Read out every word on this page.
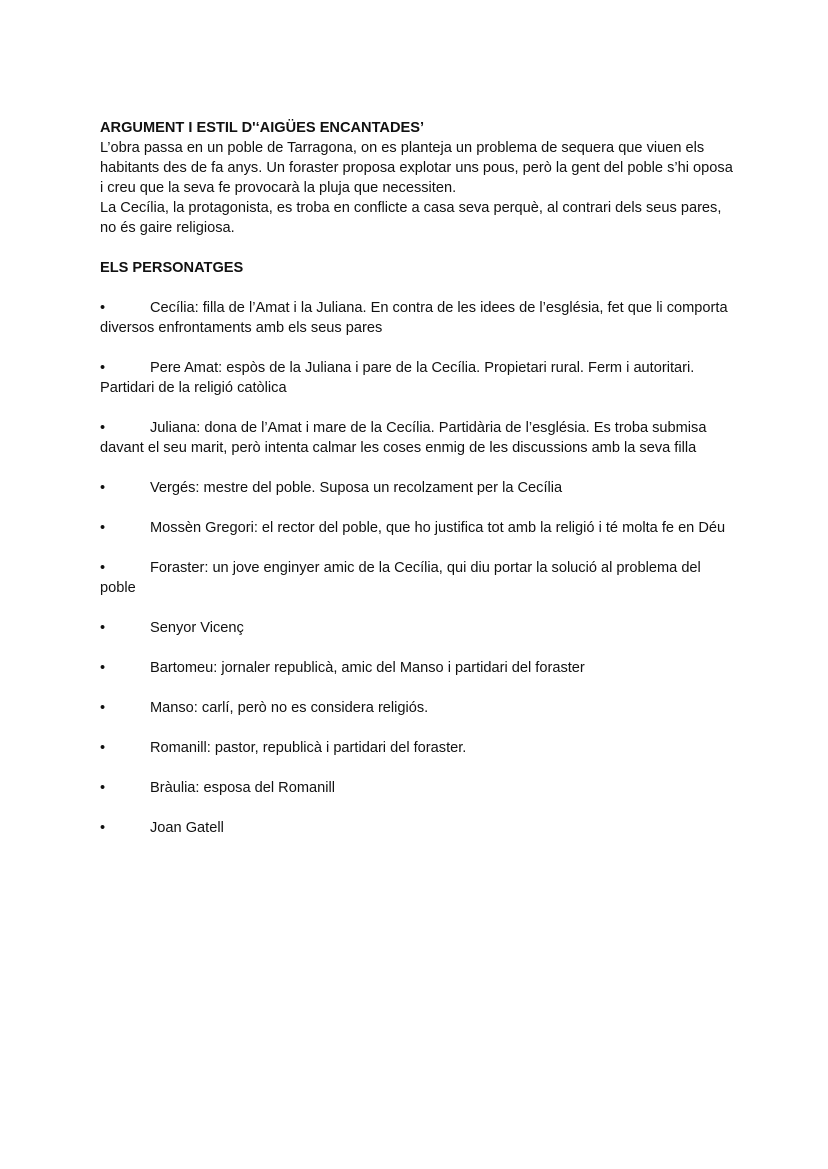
ARGUMENT I ESTIL D'‘AIGÜES ENCANTADES’

L’obra passa en un poble de Tarragona, on es planteja un problema de sequera que viuen els habitants des de fa anys. Un foraster proposa explotar uns pous, però la gent del poble s’hi oposa i creu que la seva fe provocarà la pluja que necessiten.

La Cecília, la protagonista, es troba en conflicte a casa seva perquè, al contrari dels seus pares, no és gaire religiosa.

ELS PERSONATGES

•	Cecília: filla de l’Amat i la Juliana. En contra de les idees de l’església, fet que li comporta diversos enfrontaments amb els seus pares

•	Pere Amat: espòs de la Juliana i pare de la Cecília. Propietari rural. Ferm i autoritari. Partidari de la religió catòlica

•	Juliana: dona de l’Amat i mare de la Cecília. Partidària de l’església. Es troba submisa davant el seu marit, però intenta calmar les coses enmig de les discussions amb la seva filla

•	Vergés: mestre del poble. Suposa un recolzament per la Cecília

•	Mossèn Gregori: el rector del poble, que ho justifica tot amb la religió i té molta fe en Déu

•	Foraster: un jove enginyer amic de la Cecília, qui diu portar la solució al problema del poble

•	Senyor Vicenç

•	Bartomeu: jornaler republicà, amic del Manso i partidari del foraster

•	Manso: carlí, però no es considera religiós.

•	Romanill: pastor, republicà i partidari del foraster.

•	Bràulia: esposa del Romanill

•	Joan Gatell
